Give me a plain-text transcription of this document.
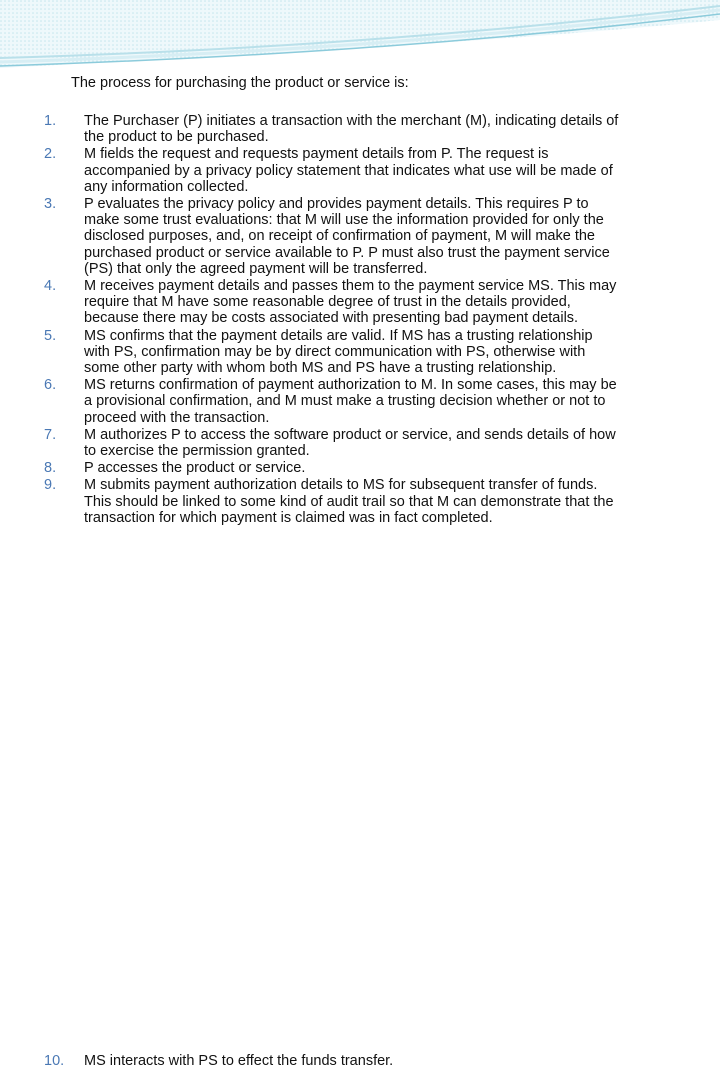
The process for purchasing the product or service is:
1.	The Purchaser (P) initiates a transaction with the merchant (M), indicating details of
the product to be purchased.
2.	M fields the request and requests payment details from P. The request is
accompanied by a privacy policy statement that indicates what use will be made of
any information collected.
3.	P evaluates the privacy policy and provides payment details. This requires P to
make some trust evaluations: that M will use the information provided for only the
disclosed purposes, and, on receipt of confirmation of payment, M will make the
purchased product or service available to P. P must also trust the payment service
(PS) that only the agreed payment will be transferred.
4.	M receives payment details and passes them to the payment service MS. This may
require that M have some reasonable degree of trust in the details provided,
because there may be costs associated with presenting bad payment details.
5.	MS confirms that the payment details are valid. If MS has a trusting relationship
with PS, confirmation may be by direct communication with PS, otherwise with
some other party with whom both MS and PS have a trusting relationship.
6.	MS returns confirmation of payment authorization to M. In some cases, this may be
a provisional confirmation, and M must make a trusting decision whether or not to
proceed with the transaction.
7.	M authorizes P to access the software product or service, and sends details of how
to exercise the permission granted.
8.	P accesses the product or service.
9.	M submits payment authorization details to MS for subsequent transfer of funds.
This should be linked to some kind of audit trail so that M can demonstrate that the
transaction for which payment is claimed was in fact completed.
10. MS interacts with PS to effect the funds transfer.
